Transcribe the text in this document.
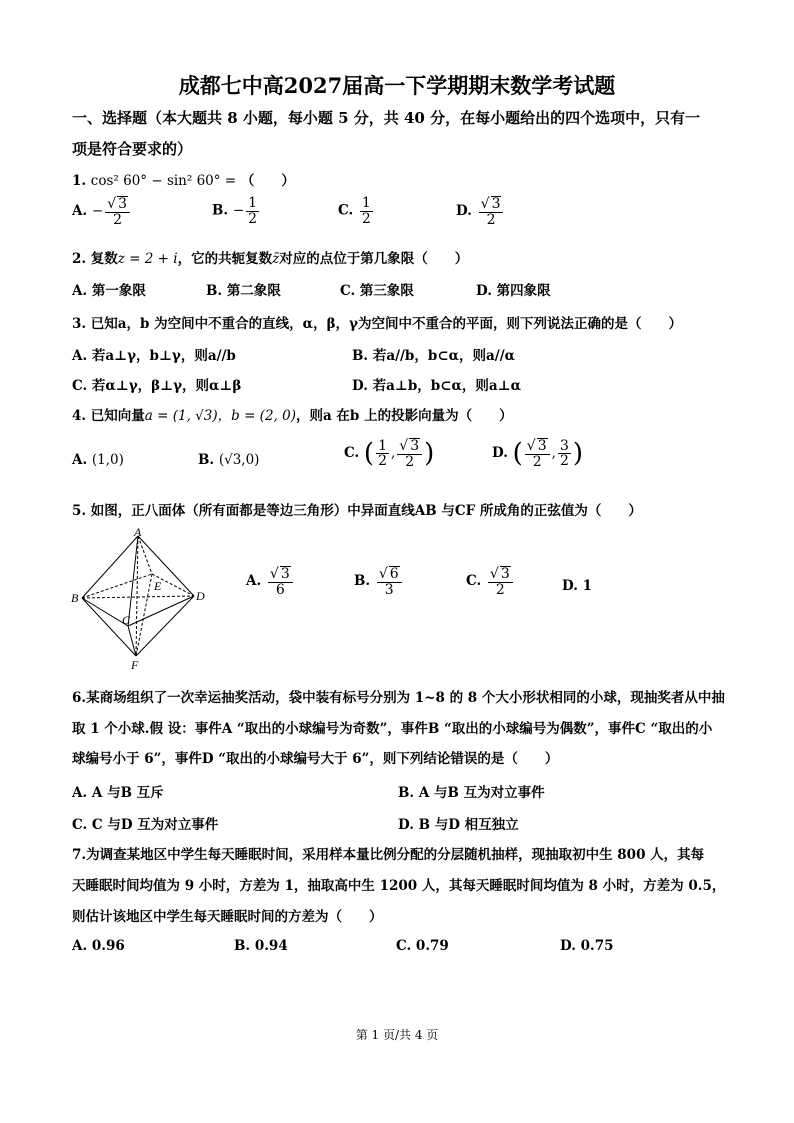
成都七中高2027届高一下学期期末数学考试题
一、选择题（本大题共 8 小题，每小题 5 分，共 40 分，在每小题给出的四个选项中，只有一
项是符合要求的）
1. cos² 60° − sin² 60° = （　　）
A. − √ $\frac{3}{2}$	B. − $\frac{1}{2}$	C. $\frac{1}{2}$	D. √ $\frac{3}{2}$
2. 复数z = 2 + i，它的共轭复数z̄对应的点位于第几象限（　　）
A. 第一象限	B. 第二象限	C. 第三象限	D. 第四象限
3. 已知a，b 为空间中不重合的直线，α，β，γ为空间中不重合的平面，则下列说法正确的是（　　）
A. 若a⊥γ，b⊥γ，则a//b	B. 若a//b，b⊂α，则a//α
C. 若α⊥γ，β⊥γ，则α⊥β	D. 若a⊥b，b⊂α，则a⊥α
4. 已知向量a = (1, √3)，b = (2, 0)，则a 在b 上的投影向量为（　　）
A. (1,0)	B. (√3,0)	C. ( $\frac{1}{2}$ , √ $\frac{3}{2}$ )	D. ( √ $\frac{3}{2}$ , $\frac{3}{2}$ )
5. 如图，正八面体（所有面都是等边三角形）中异面直线AB 与CF 所成角的正弦值为（　　）
A
B
C
D
E
F
A. √ $\frac{3}{6}$	B. √ $\frac{6}{3}$	C. √ $\frac{3}{2}$	D. 1
6.某商场组织了一次幸运抽奖活动，袋中装有标号分别为 1~8 的 8 个大小形状相同的小球，现抽奖者从中抽
取 1 个小球.假 设：事件A “取出的小球编号为奇数”，事件B “取出的小球编号为偶数”，事件C “取出的小
球编号小于 6”，事件D “取出的小球编号大于 6”，则下列结论错误的是（　　）
A. A 与B 互斥	B. A 与B 互为对立事件
C. C 与D 互为对立事件	D. B 与D 相互独立
7.为调查某地区中学生每天睡眠时间，采用样本量比例分配的分层随机抽样，现抽取初中生 800 人，其每
天睡眠时间均值为 9 小时，方差为 1，抽取高中生 1200 人，其每天睡眠时间均值为 8 小时，方差为 0.5，
则估计该地区中学生每天睡眠时间的方差为（　　）
A. 0.96	B. 0.94	C. 0.79	D. 0.75
第 1 页/共 4 页
